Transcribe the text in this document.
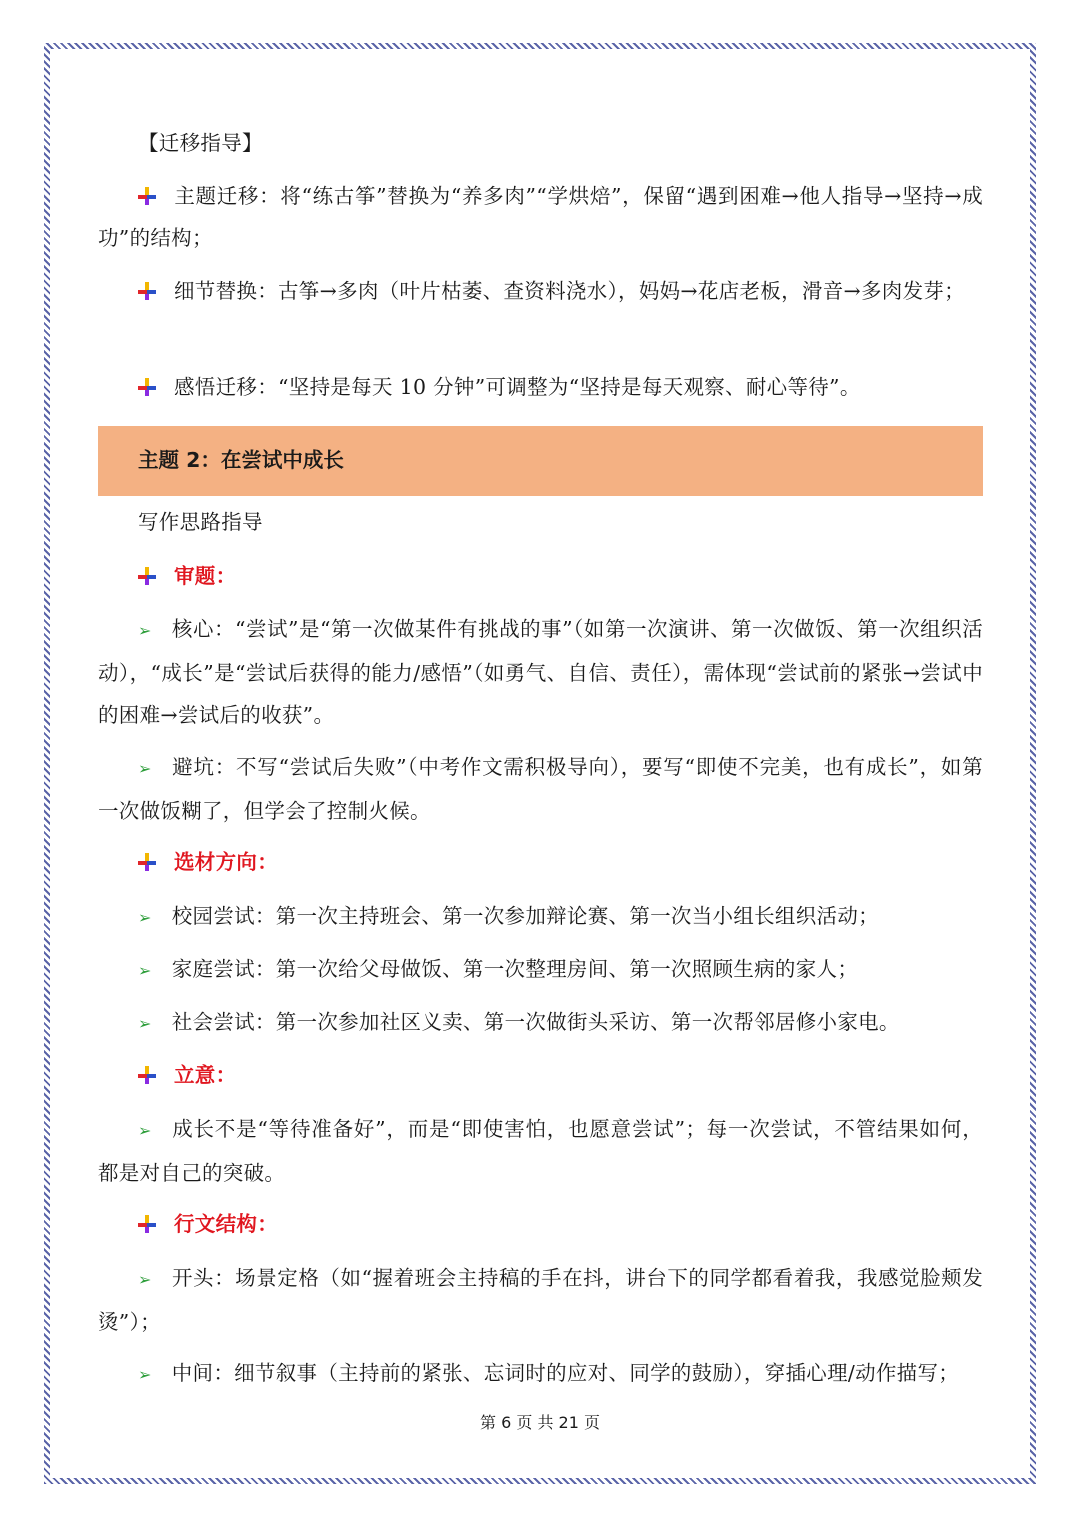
【迁移指导】
主题迁移：将“练古筝”替换为“养多肉”“学烘焙”，保留“遇到困难→他人指导→坚持→成功”的结构；
细节替换：古筝→多肉（叶片枯萎、查资料浇水），妈妈→花店老板，滑音→多肉发芽；
感悟迁移：“坚持是每天 10 分钟”可调整为“坚持是每天观察、耐心等待”。
主题 2：在尝试中成长
写作思路指导
审题：
➢ 核心：“尝试”是“第一次做某件有挑战的事”（如第一次演讲、第一次做饭、第一次组织活动），“成长”是“尝试后获得的能力/感悟”（如勇气、自信、责任），需体现“尝试前的紧张→尝试中的困难→尝试后的收获”。
➢ 避坑：不写“尝试后失败”（中考作文需积极导向），要写“即使不完美，也有成长”，如第一次做饭糊了，但学会了控制火候。
选材方向：
➢ 校园尝试：第一次主持班会、第一次参加辩论赛、第一次当小组长组织活动；
➢ 家庭尝试：第一次给父母做饭、第一次整理房间、第一次照顾生病的家人；
➢ 社会尝试：第一次参加社区义卖、第一次做街头采访、第一次帮邻居修小家电。
立意：
➢ 成长不是“等待准备好”，而是“即使害怕，也愿意尝试”；每一次尝试，不管结果如何，都是对自己的突破。
行文结构：
➢ 开头：场景定格（如“握着班会主持稿的手在抖，讲台下的同学都看着我，我感觉脸颊发烫”）；
➢ 中间：细节叙事（主持前的紧张、忘词时的应对、同学的鼓励），穿插心理/动作描写；
第 6 页 共 21 页
